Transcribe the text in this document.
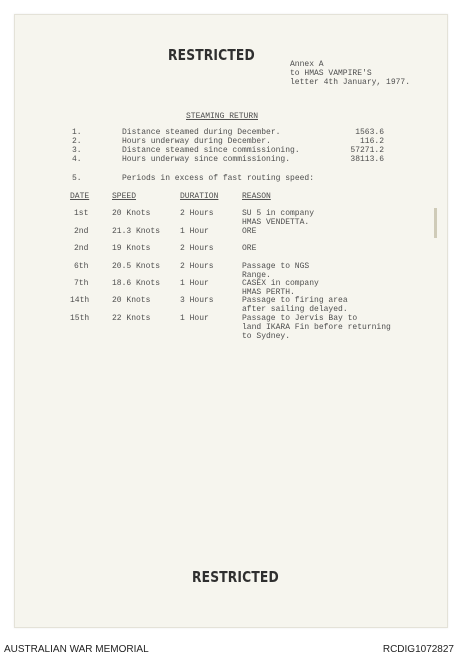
RESTRICTED
Annex A
to HMAS VAMPIRE'S
letter 4th January, 1977.
STEAMING RETURN
1.	Distance steamed during December.	1563.6
2.	Hours underway during December.	116.2
3.	Distance steamed since commissioning.	57271.2
4.	Hours underway since commissioning.	38113.6
5.	Periods in excess of fast routing speed:
DATE	SPEED	DURATION	REASON
1st	20 Knots	2 Hours	SU 5 in company
HMAS VENDETTA.
2nd	21.3 Knots 1 Hour	ORE
2nd	19 Knots	2 Hours	ORE
6th	20.5 Knots 2 Hours	Passage to NGS
Range.
7th	18.6 Knots 1 Hour	CASEX in company
HMAS PERTH.
14th	20 Knots	3 Hours	Passage to firing area
after sailing delayed.
15th	22 Knots	1 Hour	Passage to Jervis Bay to
land IKARA Fin before returning
to Sydney.
RESTRICTED
AUSTRALIAN WAR MEMORIAL	RCDIG1072827
